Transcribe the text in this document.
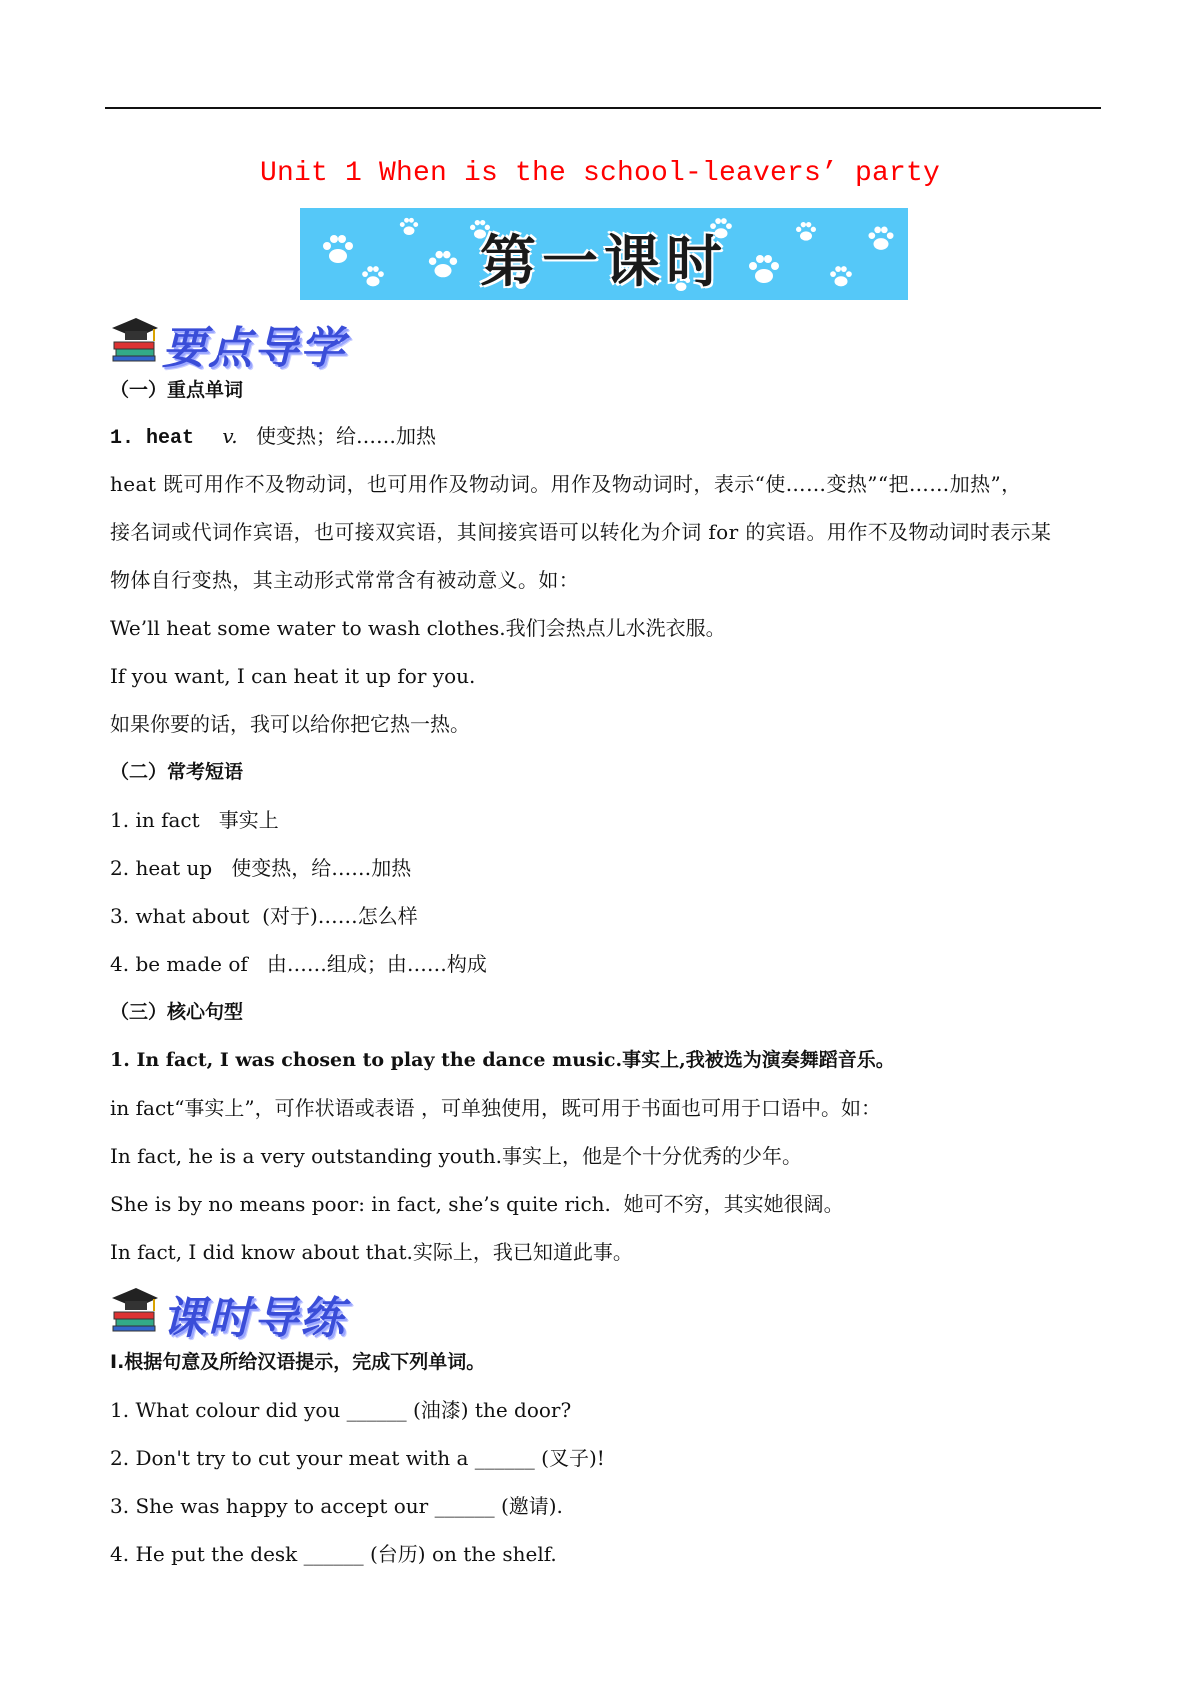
Unit 1 When is the school-leavers’ party
第一课时
要点导学
（一）重点单词
1. heat v. 使变热；给……加热
heat 既可用作不及物动词，也可用作及物动词。用作及物动词时，表示“使……变热”“把……加热”，
接名词或代词作宾语，也可接双宾语，其间接宾语可以转化为介词 for 的宾语。用作不及物动词时表示某
物体自行变热，其主动形式常常含有被动意义。如：
We’ll heat some water to wash clothes.我们会热点儿水洗衣服。
If you want, I can heat it up for you.
如果你要的话，我可以给你把它热一热。
（二）常考短语
1. in fact   事实上
2. heat up   使变热，给……加热
3. what about  (对于)……怎么样
4. be made of   由……组成；由……构成
（三）核心句型
1. In fact, I was chosen to play the dance music.事实上,我被选为演奏舞蹈音乐。
in fact“事实上”，可作状语或表语 ，可单独使用，既可用于书面也可用于口语中。如：
In fact, he is a very outstanding youth.事实上，他是个十分优秀的少年。
She is by no means poor: in fact, she’s quite rich.  她可不穷，其实她很阔。
In fact, I did know about that.实际上，我已知道此事。
课时导练
Ⅰ.根据句意及所给汉语提示，完成下列单词。
1. What colour did you ______ (油漆) the door?
2. Don't try to cut your meat with a ______ (叉子)!
3. She was happy to accept our ______ (邀请).
4. He put the desk ______ (台历) on the shelf.
